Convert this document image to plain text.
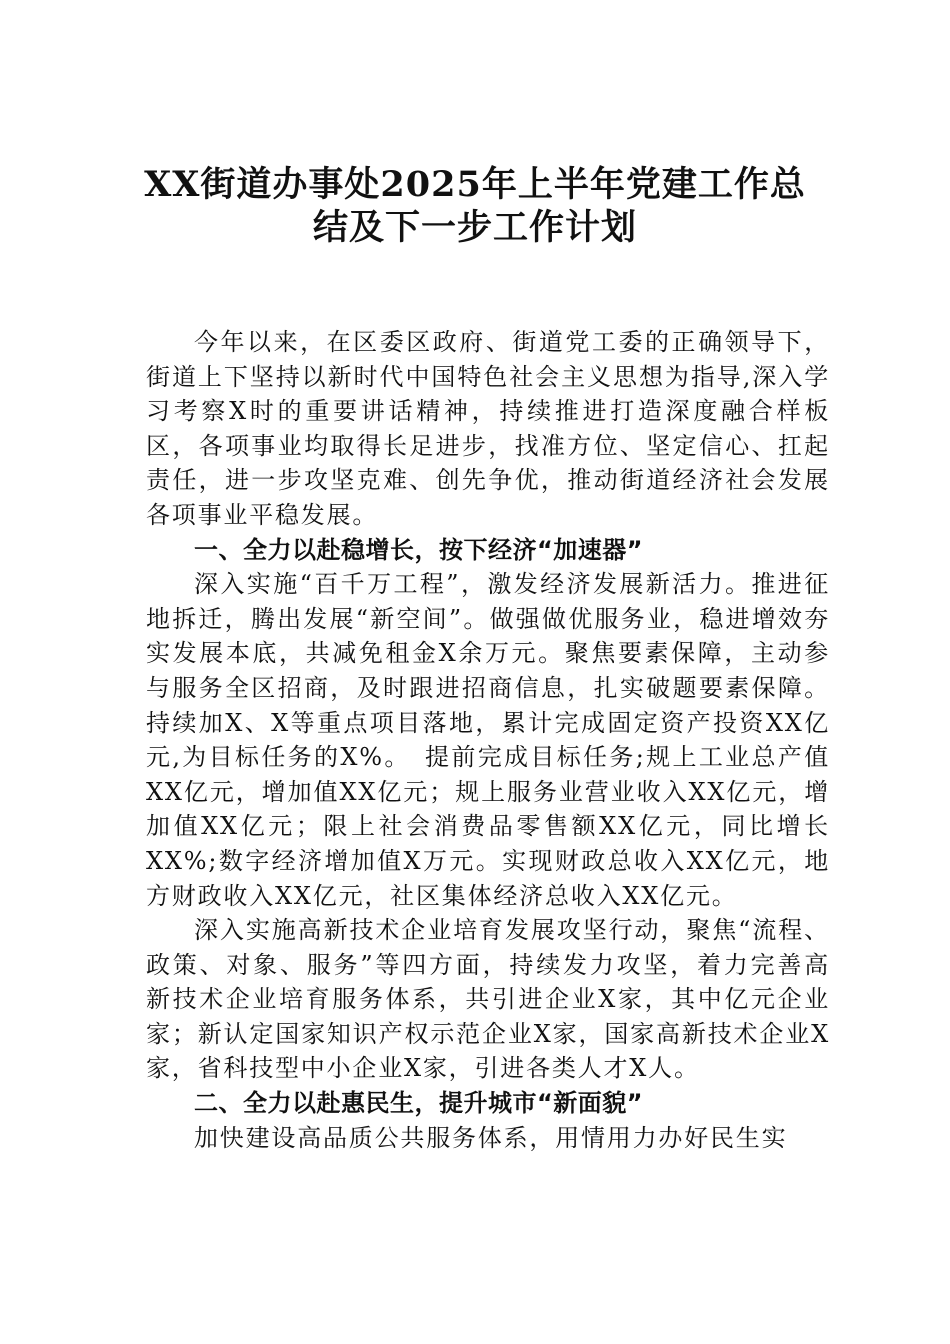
XX街道办事处2025年上半年党建工作总
结及下一步工作计划

今年以来，在区委区政府、街道党工委的正确领导下，街道上下坚持以新时代中国特色社会主义思想为指导,深入学习考察X时的重要讲话精神，持续推进打造深度融合样板区，各项事业均取得长足进步，找准方位、坚定信心、扛起责任，进一步攻坚克难、创先争优，推动街道经济社会发展各项事业平稳发展。

一、全力以赴稳增长，按下经济“加速器”

深入实施“百千万工程”，激发经济发展新活力。推进征地拆迁，腾出发展“新空间”。做强做优服务业，稳进增效夯实发展本底，共减免租金X余万元。聚焦要素保障，主动参与服务全区招商，及时跟进招商信息，扎实破题要素保障。持续加X、X等重点项目落地，累计完成固定资产投资XX亿元,为目标任务的X%。　提前完成目标任务;规上工业总产值XX亿元，增加值XX亿元；规上服务业营业收入XX亿元，增加值XX亿元；限上社会消费品零售额XX亿元，同比增长XX%;数字经济增加值X万元。实现财政总收入XX亿元，地方财政收入XX亿元，社区集体经济总收入XX亿元。

深入实施高新技术企业培育发展攻坚行动，聚焦“流程、政策、对象、服务”等四方面，持续发力攻坚，着力完善高新技术企业培育服务体系，共引进企业X家，其中亿元企业家；新认定国家知识产权示范企业X家，国家高新技术企业X家，省科技型中小企业X家，引进各类人才X人。

二、全力以赴惠民生，提升城市“新面貌”

加快建设高品质公共服务体系，用情用力办好民生实
